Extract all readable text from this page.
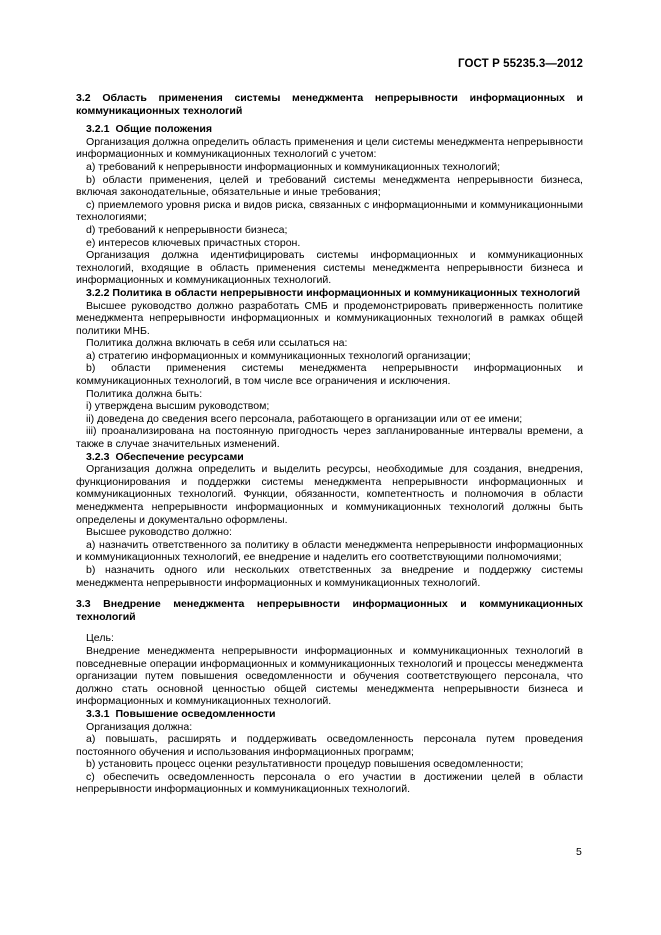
ГОСТ Р 55235.3—2012

3.2 Область применения системы менеджмента непрерывности информационных и коммуникационных технологий

3.2.1 Общие положения

Организация должна определить область применения и цели системы менеджмента непрерывности информационных и коммуникационных технологий с учетом:

а) требований к непрерывности информационных и коммуникационных технологий;

b) области применения, целей и требований системы менеджмента непрерывности бизнеса, включая законодательные, обязательные и иные требования;

с) приемлемого уровня риска и видов риска, связанных с информационными и коммуникационными технологиями;

d) требований к непрерывности бизнеса;

е) интересов ключевых причастных сторон.

Организация должна идентифицировать системы информационных и коммуникационных технологий, входящие в область применения системы менеджмента непрерывности бизнеса и информационных и коммуникационных технологий.

3.2.2 Политика в области непрерывности информационных и коммуникационных технологий

Высшее руководство должно разработать СМБ и продемонстрировать приверженность политике менеджмента непрерывности информационных и коммуникационных технологий в рамках общей политики МНБ.

Политика должна включать в себя или ссылаться на:

а) стратегию информационных и коммуникационных технологий организации;

b) области применения системы менеджмента непрерывности информационных и коммуникационных технологий, в том числе все ограничения и исключения.

Политика должна быть:

i) утверждена высшим руководством;

ii) доведена до сведения всего персонала, работающего в организации или от ее имени;

iii) проанализирована на постоянную пригодность через запланированные интервалы времени, а также в случае значительных изменений.

3.2.3 Обеспечение ресурсами

Организация должна определить и выделить ресурсы, необходимые для создания, внедрения, функционирования и поддержки системы менеджмента непрерывности информационных и коммуникационных технологий. Функции, обязанности, компетентность и полномочия в области менеджмента непрерывности информационных и коммуникационных технологий должны быть определены и документально оформлены.

Высшее руководство должно:

а) назначить ответственного за политику в области менеджмента непрерывности информационных и коммуникационных технологий, ее внедрение и наделить его соответствующими полномочиями;

b) назначить одного или нескольких ответственных за внедрение и поддержку системы менеджмента непрерывности информационных и коммуникационных технологий.

3.3 Внедрение менеджмента непрерывности информационных и коммуникационных технологий

Цель:

Внедрение менеджмента непрерывности информационных и коммуникационных технологий в повседневные операции информационных и коммуникационных технологий и процессы менеджмента организации путем повышения осведомленности и обучения соответствующего персонала, что должно стать основной ценностью общей системы менеджмента непрерывности бизнеса и информационных и коммуникационных технологий.

3.3.1 Повышение осведомленности

Организация должна:

а) повышать, расширять и поддерживать осведомленность персонала путем проведения постоянного обучения и использования информационных программ;

b) установить процесс оценки результативности процедур повышения осведомленности;

с) обеспечить осведомленность персонала о его участии в достижении целей в области непрерывности информационных и коммуникационных технологий.

5
